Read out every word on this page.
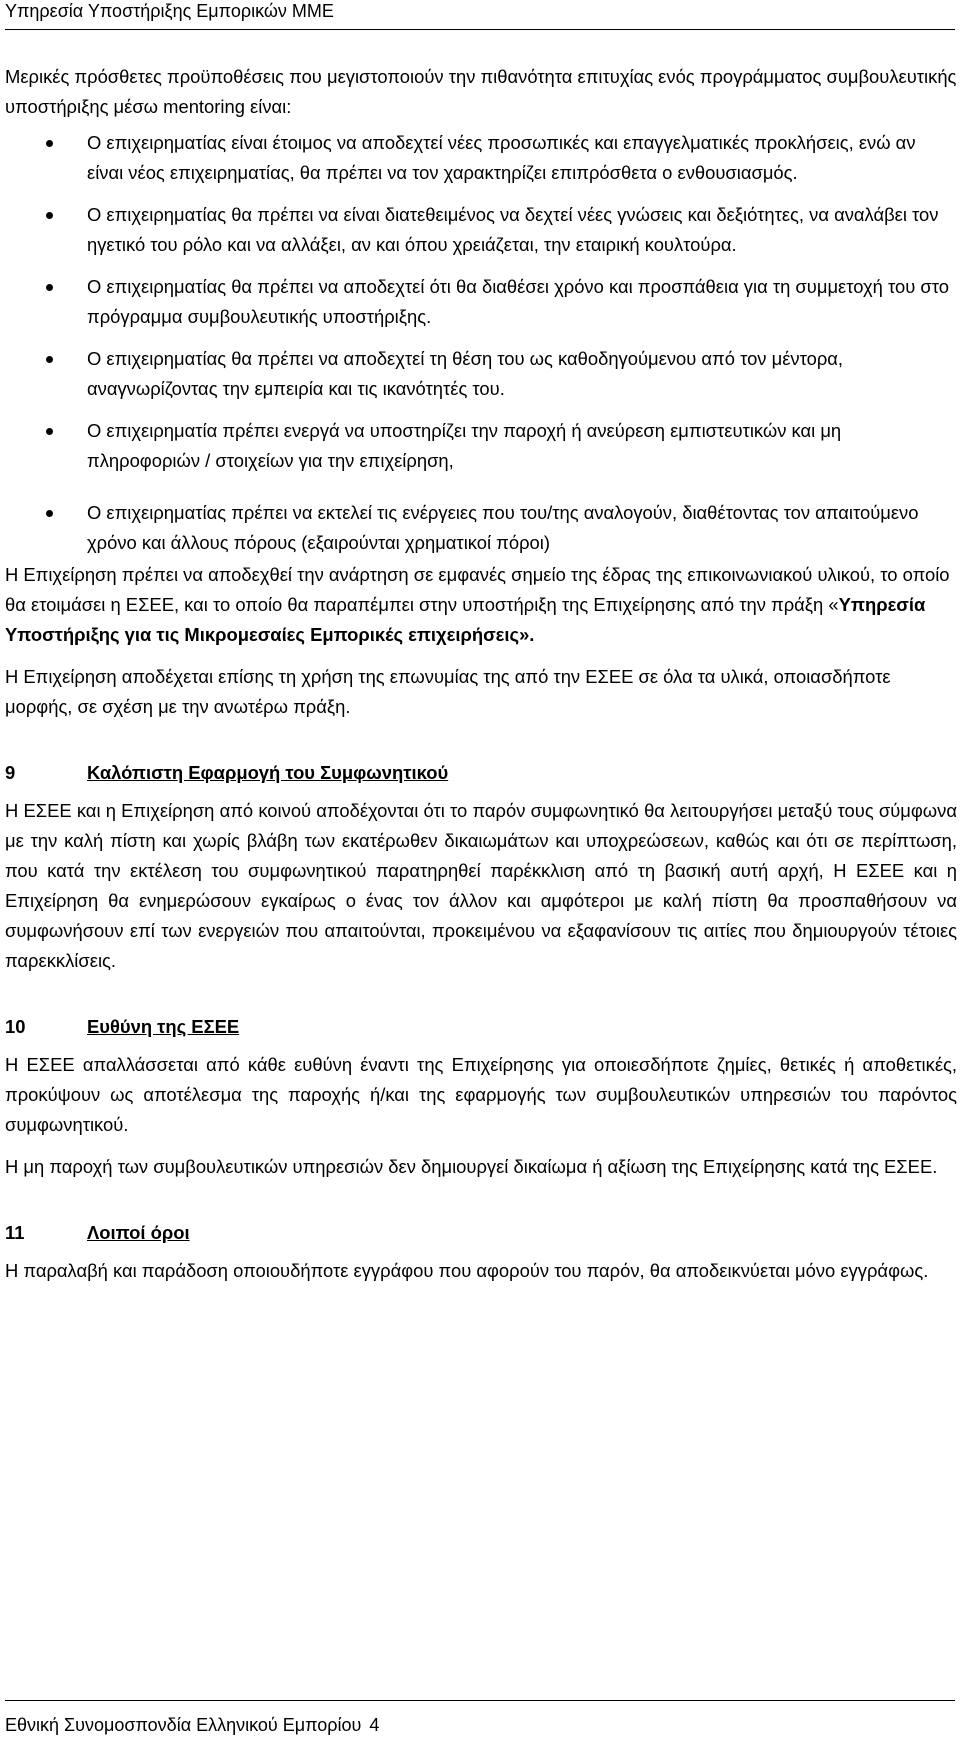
Υπηρεσία Υποστήριξης Εμπορικών ΜΜΕ

Μερικές πρόσθετες προϋποθέσεις που μεγιστοποιούν την πιθανότητα επιτυχίας ενός προγράμματος συμβουλευτικής υποστήριξης μέσω mentoring είναι:

Ο επιχειρηματίας είναι έτοιμος να αποδεχτεί νέες προσωπικές και επαγγελματικές προκλήσεις, ενώ αν είναι νέος επιχειρηματίας, θα πρέπει να τον χαρακτηρίζει επιπρόσθετα ο ενθουσιασμός.
Ο επιχειρηματίας θα πρέπει να είναι διατεθειμένος να δεχτεί νέες γνώσεις και δεξιότητες, να αναλάβει τον ηγετικό του ρόλο και να αλλάξει, αν και όπου χρειάζεται, την εταιρική κουλτούρα.
Ο επιχειρηματίας θα πρέπει να αποδεχτεί ότι θα διαθέσει χρόνο και προσπάθεια για τη συμμετοχή του στο πρόγραμμα συμβουλευτικής υποστήριξης.
Ο επιχειρηματίας θα πρέπει να αποδεχτεί τη θέση του ως καθοδηγούμενου από τον μέντορα, αναγνωρίζοντας την εμπειρία και τις ικανότητές του.
Ο επιχειρηματία πρέπει ενεργά να υποστηρίζει την παροχή ή ανεύρεση εμπιστευτικών και μη πληροφοριών / στοιχείων για την επιχείρηση,
Ο επιχειρηματίας πρέπει να εκτελεί τις ενέργειες που του/της αναλογούν, διαθέτοντας τον απαιτούμενο χρόνο και άλλους πόρους (εξαιρούνται χρηματικοί πόροι)

Η Επιχείρηση πρέπει να αποδεχθεί την ανάρτηση σε εμφανές σημείο της έδρας της επικοινωνιακού υλικού, το οποίο θα ετοιμάσει η ΕΣΕΕ, και το οποίο θα παραπέμπει στην υποστήριξη της Επιχείρησης από την πράξη «Υπηρεσία Υποστήριξης για τις Μικρομεσαίες Εμπορικές επιχειρήσεις».

Η Επιχείρηση αποδέχεται επίσης τη χρήση της επωνυμίας της από την ΕΣΕΕ σε όλα τα υλικά, οποιασδήποτε μορφής, σε σχέση με την ανωτέρω πράξη.

9	Καλόπιστη Εφαρμογή του Συμφωνητικού

Η ΕΣΕΕ και η Επιχείρηση από κοινού αποδέχονται ότι το παρόν συμφωνητικό θα λειτουργήσει μεταξύ τους σύμφωνα με την καλή πίστη και χωρίς βλάβη των εκατέρωθεν δικαιωμάτων και υποχρεώσεων, καθώς και ότι σε περίπτωση, που κατά την εκτέλεση του συμφωνητικού παρατηρηθεί παρέκκλιση από τη βασική αυτή αρχή, Η ΕΣΕΕ και η Επιχείρηση θα ενημερώσουν εγκαίρως ο ένας τον άλλον και αμφότεροι με καλή πίστη θα προσπαθήσουν να συμφωνήσουν επί των ενεργειών που απαιτούνται, προκειμένου να εξαφανίσουν τις αιτίες που δημιουργούν τέτοιες παρεκκλίσεις.

10	Ευθύνη της ΕΣΕΕ

Η ΕΣΕΕ απαλλάσσεται από κάθε ευθύνη έναντι της Επιχείρησης για οποιεσδήποτε ζημίες, θετικές ή αποθετικές, προκύψουν ως αποτέλεσμα της παροχής ή/και της εφαρμογής των συμβουλευτικών υπηρεσιών του παρόντος συμφωνητικού.

Η μη παροχή των συμβουλευτικών υπηρεσιών δεν δημιουργεί δικαίωμα ή αξίωση της Επιχείρησης κατά της ΕΣΕΕ.

11	Λοιποί όροι

Η παραλαβή και παράδοση οποιουδήποτε εγγράφου που αφορούν του παρόν, θα αποδεικνύεται μόνο εγγράφως.

Εθνική Συνομοσπονδία Ελληνικού Εμπορίου 4
